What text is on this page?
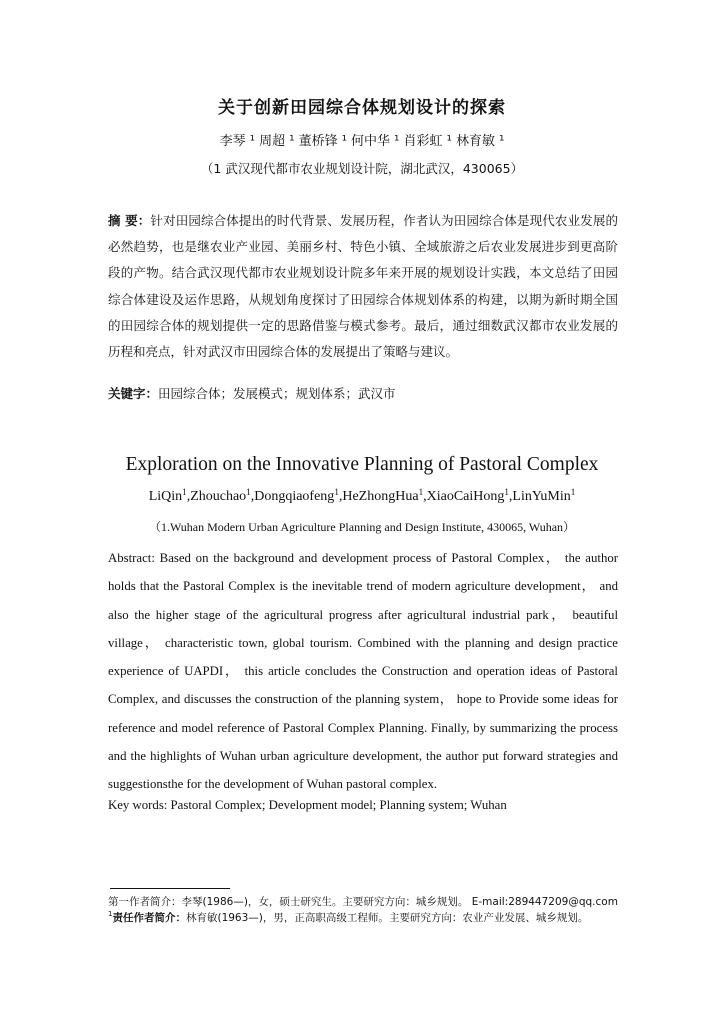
关于创新田园综合体规划设计的探索
李琴 ¹ 周超 ¹ 董桥锋 ¹ 何中华 ¹ 肖彩虹 ¹ 林育敏 ¹
（1 武汉现代都市农业规划设计院，湖北武汉，430065）
摘 要：针对田园综合体提出的时代背景、发展历程，作者认为田园综合体是现代农业发展的必然趋势，也是继农业产业园、美丽乡村、特色小镇、全域旅游之后农业发展进步到更高阶段的产物。结合武汉现代都市农业规划设计院多年来开展的规划设计实践，本文总结了田园综合体建设及运作思路，从规划角度探讨了田园综合体规划体系的构建，以期为新时期全国的田园综合体的规划提供一定的思路借鉴与模式参考。最后，通过细数武汉都市农业发展的历程和亮点，针对武汉市田园综合体的发展提出了策略与建议。
关键字：田园综合体；发展模式；规划体系；武汉市
Exploration on the Innovative Planning of Pastoral Complex
LiQin$^1$,Zhouchao$^1$,Dongqiaofeng$^1$,HeZhongHua$^1$,XiaoCaiHong$^1$,LinYuMin$^1$
（1.Wuhan Modern Urban Agriculture Planning and Design Institute, 430065, Wuhan）
Abstract: Based on the background and development process of Pastoral Complex， the author holds that the Pastoral Complex is the inevitable trend of modern agriculture development， and also the higher stage of the agricultural progress after agricultural industrial park， beautiful village， characteristic town, global tourism. Combined with the planning and design practice experience of UAPDI， this article concludes the Construction and operation ideas of Pastoral Complex, and discusses the construction of the planning system， hope to Provide some ideas for reference and model reference of Pastoral Complex Planning. Finally, by summarizing the process and the highlights of Wuhan urban agriculture development, the author put forward strategies and suggestionsthe for the development of Wuhan pastoral complex.
Key words: Pastoral Complex; Development model; Planning system; Wuhan
第一作者简介：李琴(1986—)，女，硕士研究生。主要研究方向：城乡规划。 E-mail:289447209@qq.com
$^1$责任作者简介：林育敏(1963—)，男，正高职高级工程师。主要研究方向：农业产业发展、城乡规划。
